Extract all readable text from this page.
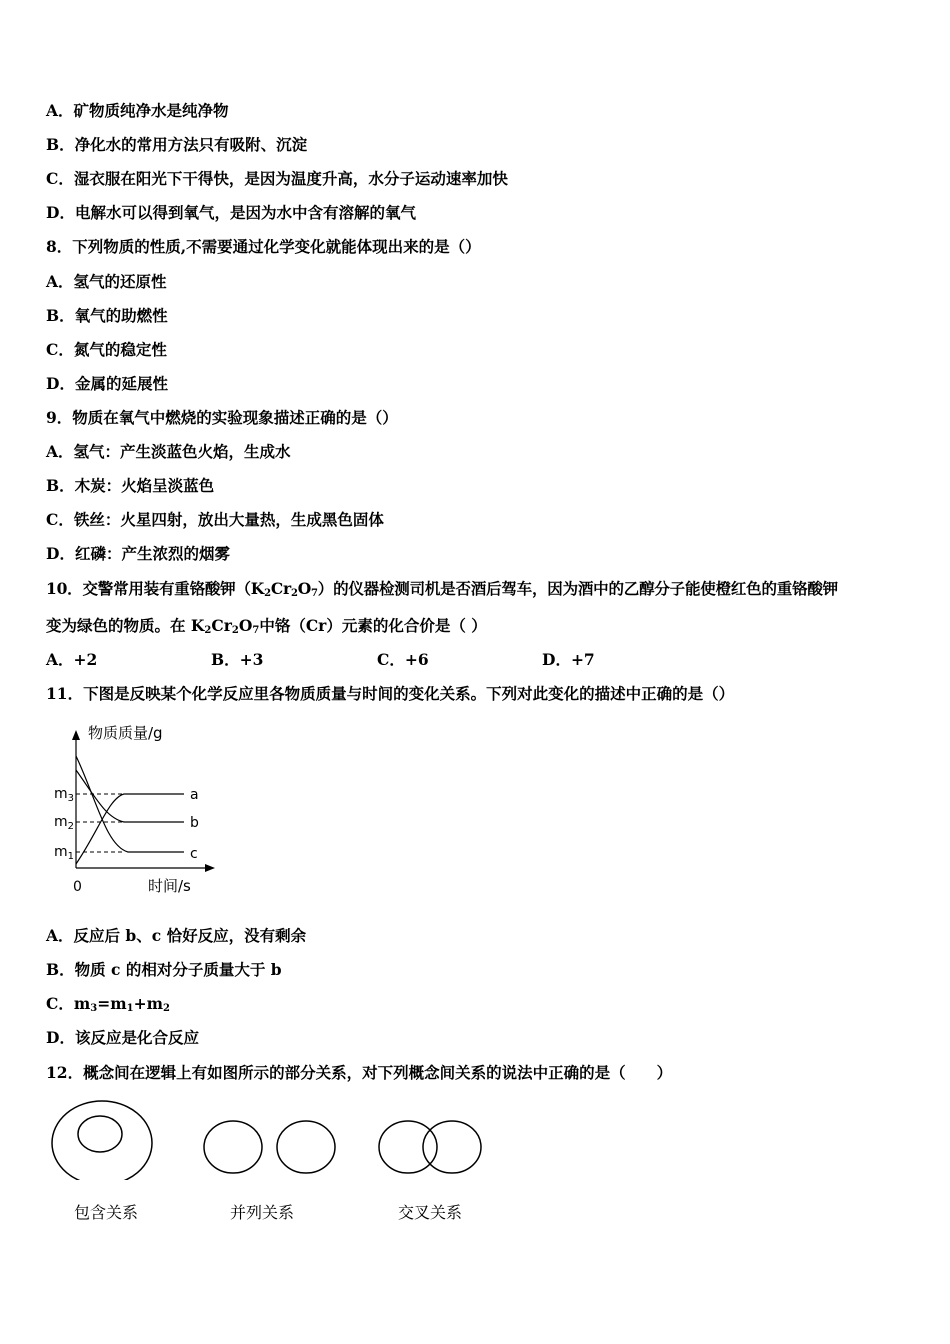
A．矿物质纯净水是纯净物
B．净化水的常用方法只有吸附、沉淀
C．湿衣服在阳光下干得快，是因为温度升高，水分子运动速率加快
D．电解水可以得到氧气，是因为水中含有溶解的氧气
8．下列物质的性质,不需要通过化学变化就能体现出来的是（）
A．氢气的还原性
B．氧气的助燃性
C．氮气的稳定性
D．金属的延展性
9．物质在氧气中燃烧的实验现象描述正确的是（）
A．氢气：产生淡蓝色火焰，生成水
B．木炭：火焰呈淡蓝色
C．铁丝：火星四射，放出大量热，生成黑色固体
D．红磷：产生浓烈的烟雾
10．交警常用装有重铬酸钾$(K_2Cr_2O_7)$的仪器检测司机是否酒后驾车，因为酒中的乙醇分子能使橙红色的重铬酸钾
变为绿色的物质。在 $K_2Cr_2O_7$中铬（Cr）元素的化合价是（ ）
A．+2	B．+3	C．+6	D．+7
11．下图是反映某个化学反应里各物质质量与时间的变化关系。下列对此变化的描述中正确的是（）
物质质量/g
时间/s
0
$m_3$
$m_2$
$m_1$
a
b
c
A．反应后 b、c 恰好反应，没有剩余
B．物质 c 的相对分子质量大于 b
C．$m_3=m_1+m_2$
D．该反应是化合反应
12．概念间在逻辑上有如图所示的部分关系，对下列概念间关系的说法中正确的是（　　）
包含关系	并列关系	交叉关系
